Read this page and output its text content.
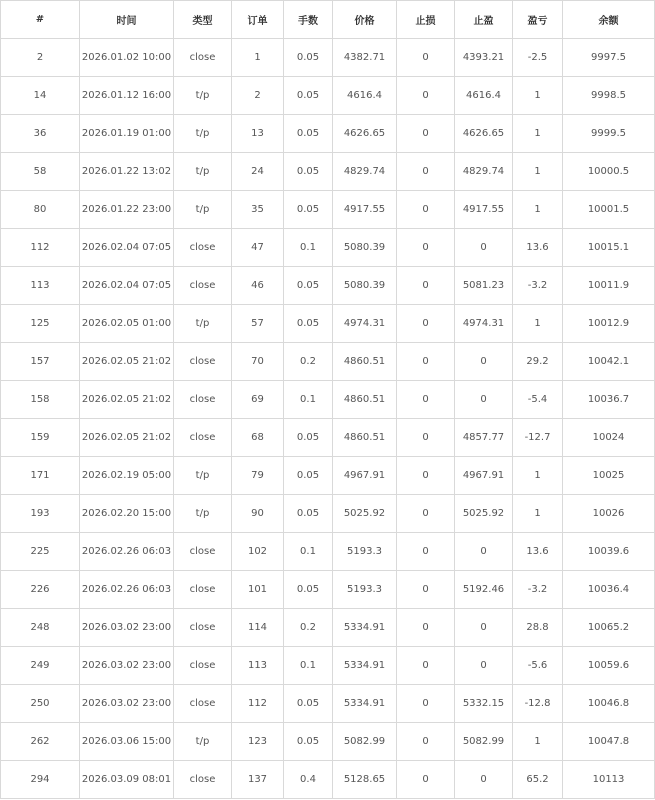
#	时间	类型	订单	手数	价格	止损	止盈	盈亏	余额
2	2026.01.02 10:00	close	1	0.05	4382.71	0	4393.21	-2.5	9997.5
14	2026.01.12 16:00	t/p	2	0.05	4616.4	0	4616.4	1	9998.5
36	2026.01.19 01:00	t/p	13	0.05	4626.65	0	4626.65	1	9999.5
58	2026.01.22 13:02	t/p	24	0.05	4829.74	0	4829.74	1	10000.5
80	2026.01.22 23:00	t/p	35	0.05	4917.55	0	4917.55	1	10001.5
112	2026.02.04 07:05	close	47	0.1	5080.39	0	0	13.6	10015.1
113	2026.02.04 07:05	close	46	0.05	5080.39	0	5081.23	-3.2	10011.9
125	2026.02.05 01:00	t/p	57	0.05	4974.31	0	4974.31	1	10012.9
157	2026.02.05 21:02	close	70	0.2	4860.51	0	0	29.2	10042.1
158	2026.02.05 21:02	close	69	0.1	4860.51	0	0	-5.4	10036.7
159	2026.02.05 21:02	close	68	0.05	4860.51	0	4857.77	-12.7	10024
171	2026.02.19 05:00	t/p	79	0.05	4967.91	0	4967.91	1	10025
193	2026.02.20 15:00	t/p	90	0.05	5025.92	0	5025.92	1	10026
225	2026.02.26 06:03	close	102	0.1	5193.3	0	0	13.6	10039.6
226	2026.02.26 06:03	close	101	0.05	5193.3	0	5192.46	-3.2	10036.4
248	2026.03.02 23:00	close	114	0.2	5334.91	0	0	28.8	10065.2
249	2026.03.02 23:00	close	113	0.1	5334.91	0	0	-5.6	10059.6
250	2026.03.02 23:00	close	112	0.05	5334.91	0	5332.15	-12.8	10046.8
262	2026.03.06 15:00	t/p	123	0.05	5082.99	0	5082.99	1	10047.8
294	2026.03.09 08:01	close	137	0.4	5128.65	0	0	65.2	10113
